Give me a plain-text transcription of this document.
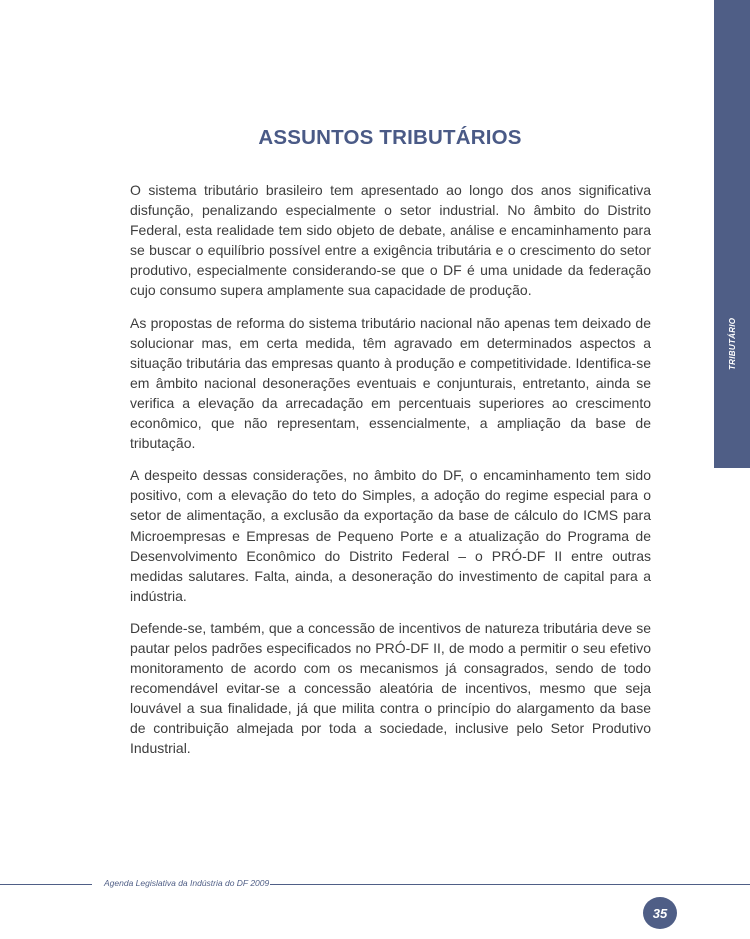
TRIBUTÁRIO
ASSUNTOS TRIBUTÁRIOS

O sistema tributário brasileiro tem apresentado ao longo dos anos significativa disfunção, penalizando especialmente o setor industrial. No âmbito do Distrito Federal, esta realidade tem sido objeto de debate, análise e encaminhamento para se buscar o equilíbrio possível entre a exigência tributária e o crescimento do setor produtivo, especialmente considerando-se que o DF é uma unidade da federação cujo consumo supera amplamente sua capacidade de produção.

As propostas de reforma do sistema tributário nacional não apenas tem deixado de solucionar mas, em certa medida, têm agravado em determinados aspectos a situação tributária das empresas quanto à produção e competitividade. Identifica-se em âmbito nacional desonerações eventuais e conjunturais, entretanto, ainda se verifica a elevação da arrecadação em percentuais superiores ao crescimento econômico, que não representam, essencialmente, a ampliação da base de tributação.

A despeito dessas considerações, no âmbito do DF, o encaminhamento tem sido positivo, com a elevação do teto do Simples, a adoção do regime especial para o setor de alimentação, a exclusão da exportação da base de cálculo do ICMS para Microempresas e Empresas de Pequeno Porte e a atualização do Programa de Desenvolvimento Econômico do Distrito Federal – o PRÓ-DF II entre outras medidas salutares. Falta, ainda, a desoneração do investimento de capital para a indústria.

Defende-se, também, que a concessão de incentivos de natureza tributária deve se pautar pelos padrões especificados no PRÓ-DF II, de modo a permitir o seu efetivo monitoramento de acordo com os mecanismos já consagrados, sendo de todo recomendável evitar-se a concessão aleatória de incentivos, mesmo que seja louvável a sua finalidade, já que milita contra o princípio do alargamento da base de contribuição almejada por toda a sociedade, inclusive pelo Setor Produtivo Industrial.

Agenda Legislativa da Indústria do DF 2009
35
